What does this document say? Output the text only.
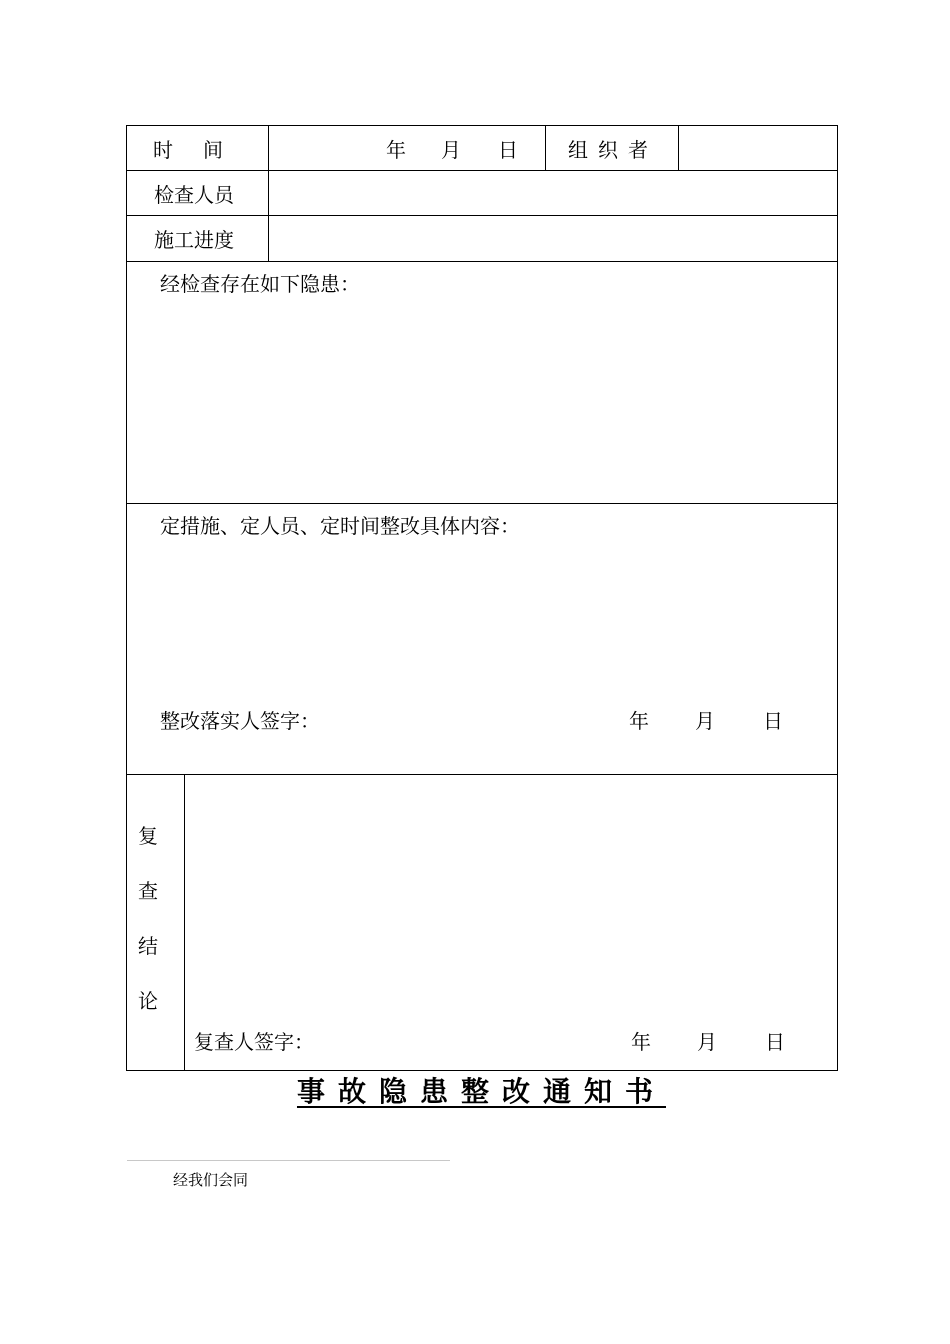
时间	年 月 日	组织者
检查人员
施工进度
经检查存在如下隐患：
定措施、定人员、定时间整改具体内容：
整改落实人签字：	年 月 日
复
查
结
论
复查人签字：	年 月 日
事故隐患整改通知书
经我们会同
